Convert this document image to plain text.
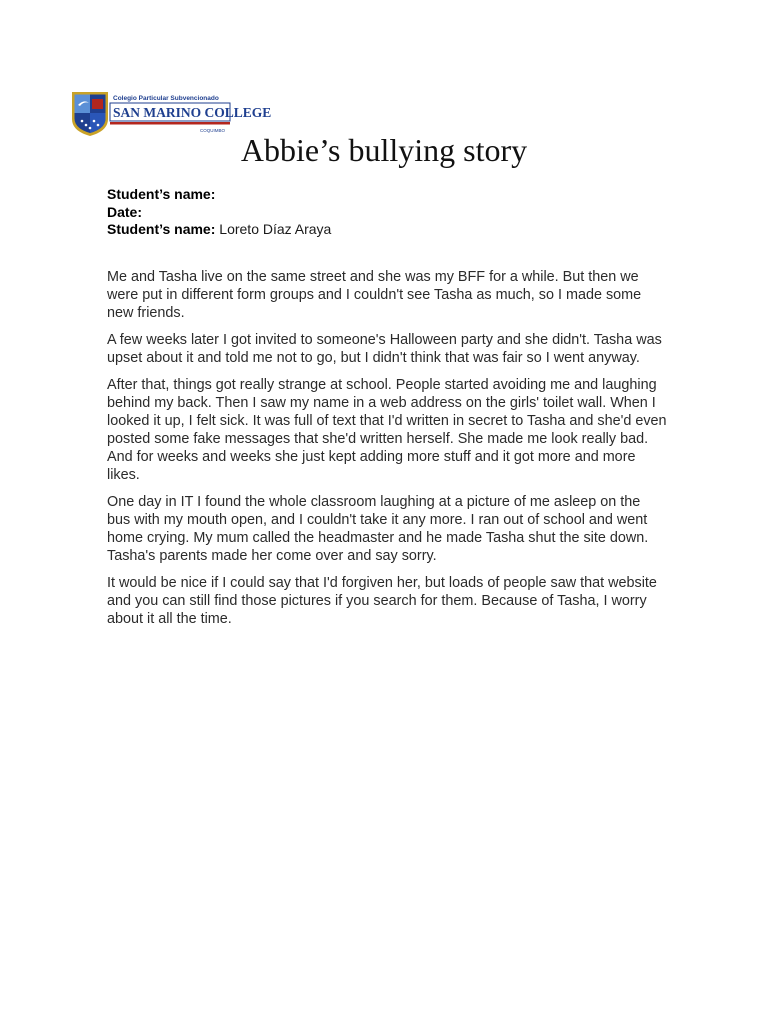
Colegio Particular Subvencionado
SAN MARINO COLLEGE
COQUIMBO
Abbie’s bullying story
Student’s name:
Date:
Student’s name: Loreto Díaz Araya

Me and Tasha live on the same street and she was my BFF for a while. But then we were put in different form groups and I couldn't see Tasha as much, so I made some new friends.

A few weeks later I got invited to someone's Halloween party and she didn't. Tasha was upset about it and told me not to go, but I didn't think that was fair so I went anyway.

After that, things got really strange at school. People started avoiding me and laughing behind my back. Then I saw my name in a web address on the girls' toilet wall. When I looked it up, I felt sick. It was full of text that I'd written in secret to Tasha and she'd even posted some fake messages that she'd written herself. She made me look really bad. And for weeks and weeks she just kept adding more stuff and it got more and more likes.

One day in IT I found the whole classroom laughing at a picture of me asleep on the bus with my mouth open, and I couldn't take it any more. I ran out of school and went home crying. My mum called the headmaster and he made Tasha shut the site down. Tasha's parents made her come over and say sorry.

It would be nice if I could say that I'd forgiven her, but loads of people saw that website and you can still find those pictures if you search for them. Because of Tasha, I worry about it all the time.
